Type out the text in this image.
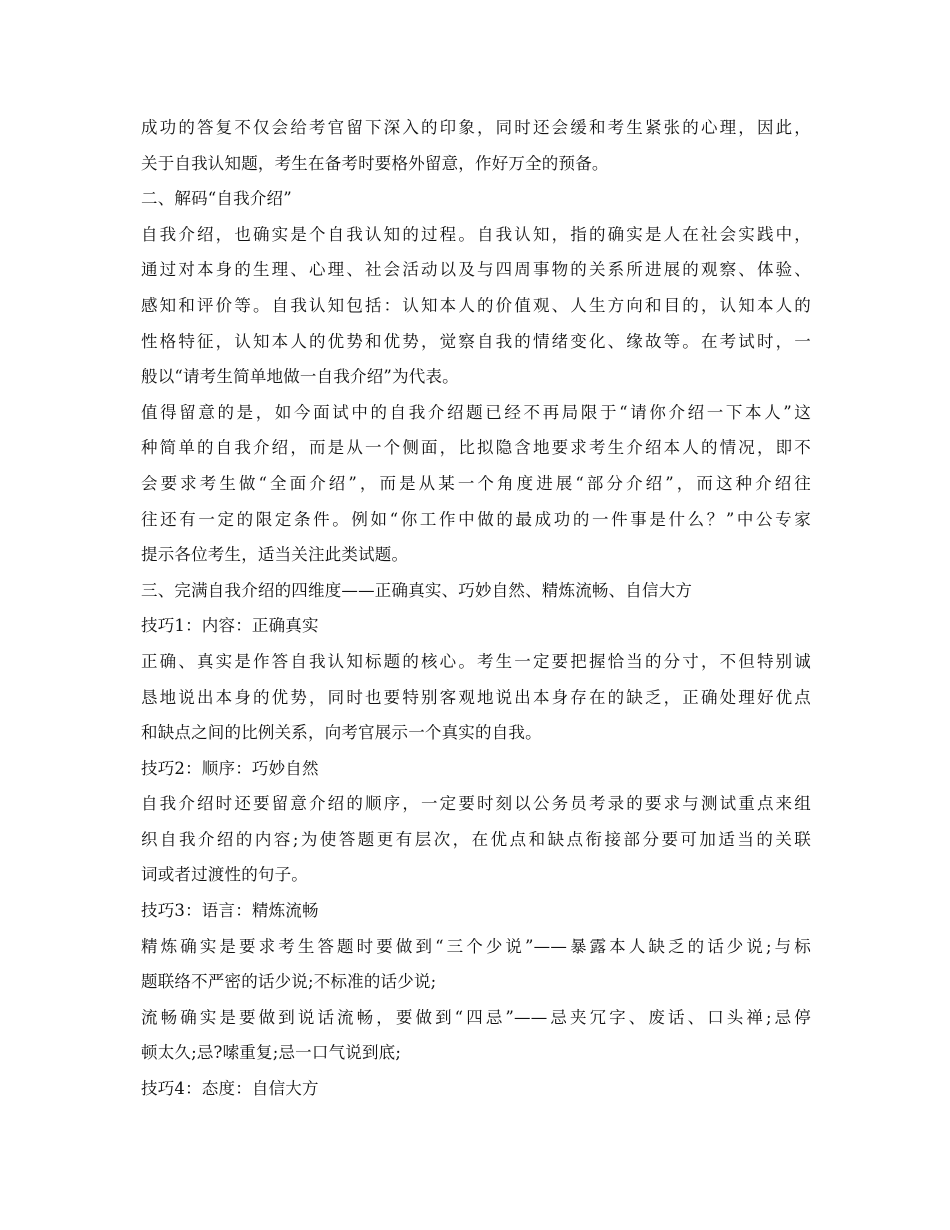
成功的答复不仅会给考官留下深入的印象，同时还会缓和考生紧张的心理，因此，
关于自我认知题，考生在备考时要格外留意，作好万全的预备。
二、解码“自我介绍”
自我介绍，也确实是个自我认知的过程。自我认知，指的确实是人在社会实践中，
通过对本身的生理、心理、社会活动以及与四周事物的关系所进展的观察、体验、
感知和评价等。自我认知包括：认知本人的价值观、人生方向和目的，认知本人的
性格特征，认知本人的优势和优势，觉察自我的情绪变化、缘故等。在考试时，一
般以“请考生简单地做一自我介绍”为代表。
值得留意的是，如今面试中的自我介绍题已经不再局限于“请你介绍一下本人”这
种简单的自我介绍，而是从一个侧面，比拟隐含地要求考生介绍本人的情况，即不
会要求考生做“全面介绍”，而是从某一个角度进展“部分介绍”，而这种介绍往
往还有一定的限定条件。例如“你工作中做的最成功的一件事是什么？”中公专家
提示各位考生，适当关注此类试题。
三、完满自我介绍的四维度——正确真实、巧妙自然、精炼流畅、自信大方
技巧1：内容：正确真实
正确、真实是作答自我认知标题的核心。考生一定要把握恰当的分寸，不但特别诚
恳地说出本身的优势，同时也要特别客观地说出本身存在的缺乏，正确处理好优点
和缺点之间的比例关系，向考官展示一个真实的自我。
技巧2：顺序：巧妙自然
自我介绍时还要留意介绍的顺序，一定要时刻以公务员考录的要求与测试重点来组
织自我介绍的内容;为使答题更有层次，在优点和缺点衔接部分要可加适当的关联
词或者过渡性的句子。
技巧3：语言：精炼流畅
精炼确实是要求考生答题时要做到“三个少说”——暴露本人缺乏的话少说;与标
题联络不严密的话少说;不标准的话少说;
流畅确实是要做到说话流畅，要做到“四忌”——忌夹冗字、废话、口头禅;忌停
顿太久;忌?嗦重复;忌一口气说到底;
技巧4：态度：自信大方
